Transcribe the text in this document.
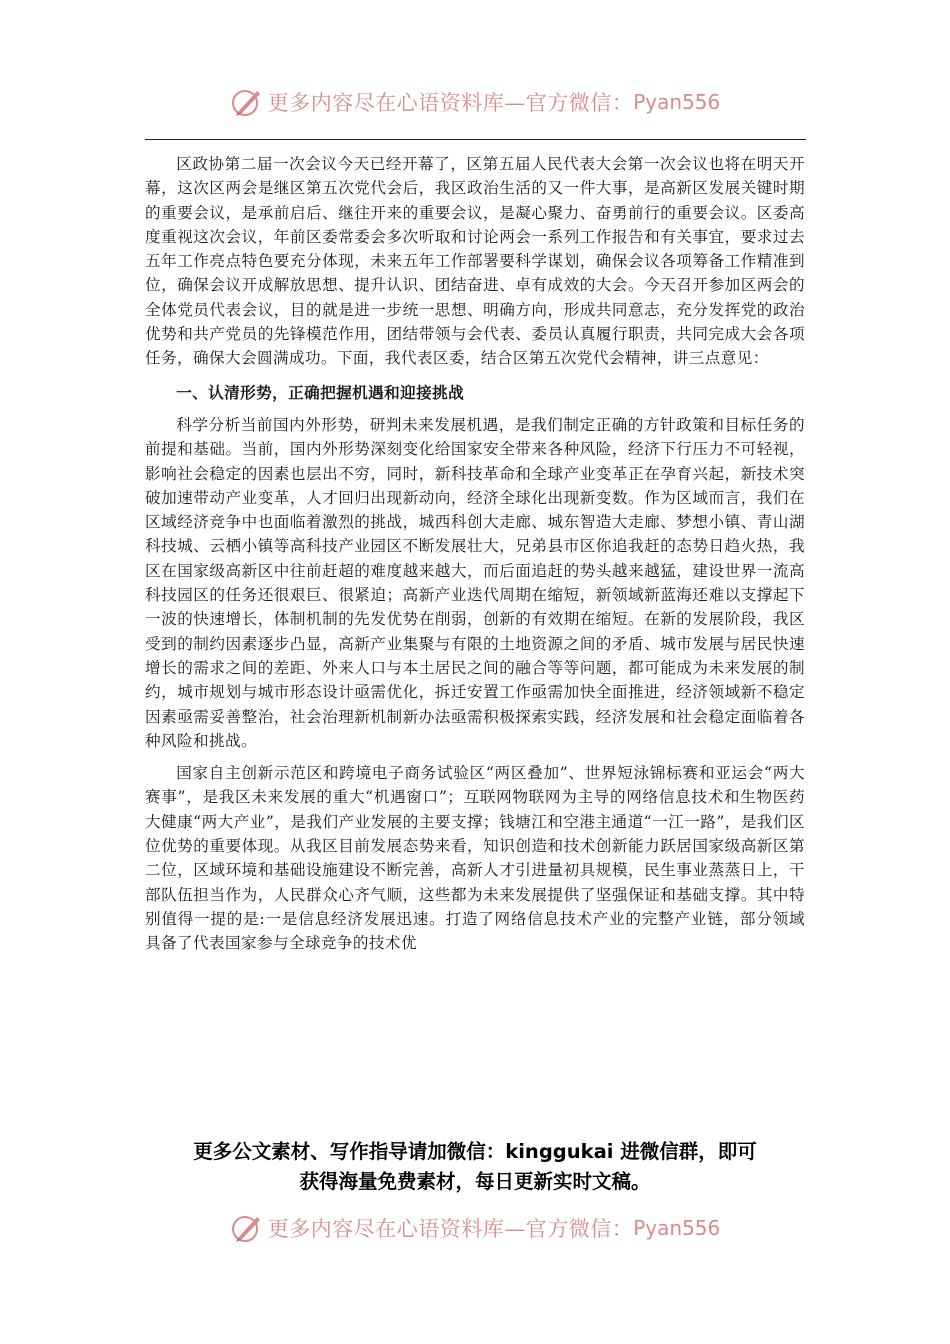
更多内容尽在心语资料库—官方微信： Pyan556

区政协第二届一次会议今天已经开幕了，区第五届人民代表大会第一次会议也将在明天开幕，这次区两会是继区第五次党代会后，我区政治生活的又一件大事，是高新区发展关键时期的重要会议，是承前启后、继往开来的重要会议，是凝心聚力、奋勇前行的重要会议。区委高度重视这次会议，年前区委常委会多次听取和讨论两会一系列工作报告和有关事宜，要求过去五年工作亮点特色要充分体现，未来五年工作部署要科学谋划，确保会议各项筹备工作精准到位，确保会议开成解放思想、提升认识、团结奋进、卓有成效的大会。今天召开参加区两会的全体党员代表会议，目的就是进一步统一思想、明确方向，形成共同意志，充分发挥党的政治优势和共产党员的先锋模范作用，团结带领与会代表、委员认真履行职责，共同完成大会各项任务，确保大会圆满成功。下面，我代表区委，结合区第五次党代会精神，讲三点意见：

一、认清形势，正确把握机遇和迎接挑战

科学分析当前国内外形势，研判未来发展机遇，是我们制定正确的方针政策和目标任务的前提和基础。当前，国内外形势深刻变化给国家安全带来各种风险，经济下行压力不可轻视，影响社会稳定的因素也层出不穷，同时，新科技革命和全球产业变革正在孕育兴起，新技术突破加速带动产业变革，人才回归出现新动向，经济全球化出现新变数。作为区域而言，我们在区域经济竞争中也面临着激烈的挑战，城西科创大走廊、城东智造大走廊、梦想小镇、青山湖科技城、云栖小镇等高科技产业园区不断发展壮大，兄弟县市区你追我赶的态势日趋火热，我区在国家级高新区中往前赶超的难度越来越大，而后面追赶的势头越来越猛，建设世界一流高科技园区的任务还很艰巨、很紧迫；高新产业迭代周期在缩短，新领域新蓝海还难以支撑起下一波的快速增长，体制机制的先发优势在削弱，创新的有效期在缩短。在新的发展阶段，我区受到的制约因素逐步凸显，高新产业集聚与有限的土地资源之间的矛盾、城市发展与居民快速增长的需求之间的差距、外来人口与本土居民之间的融合等等问题，都可能成为未来发展的制约，城市规划与城市形态设计亟需优化，拆迁安置工作亟需加快全面推进，经济领域新不稳定因素亟需妥善整治，社会治理新机制新办法亟需积极探索实践，经济发展和社会稳定面临着各种风险和挑战。

国家自主创新示范区和跨境电子商务试验区“两区叠加”、世界短泳锦标赛和亚运会“两大赛事”，是我区未来发展的重大“机遇窗口”；互联网物联网为主导的网络信息技术和生物医药大健康“两大产业”，是我们产业发展的主要支撑；钱塘江和空港主通道“一江一路”，是我们区位优势的重要体现。从我区目前发展态势来看，知识创造和技术创新能力跃居国家级高新区第二位，区域环境和基础设施建设不断完善，高新人才引进量初具规模，民生事业蒸蒸日上，干部队伍担当作为，人民群众心齐气顺，这些都为未来发展提供了坚强保证和基础支撑。其中特别值得一提的是:一是信息经济发展迅速。打造了网络信息技术产业的完整产业链，部分领域具备了代表国家参与全球竞争的技术优

更多公文素材、写作指导请加微信：kinggukai 进微信群，即可
获得海量免费素材，每日更新实时文稿。
更多内容尽在心语资料库—官方微信： Pyan556
